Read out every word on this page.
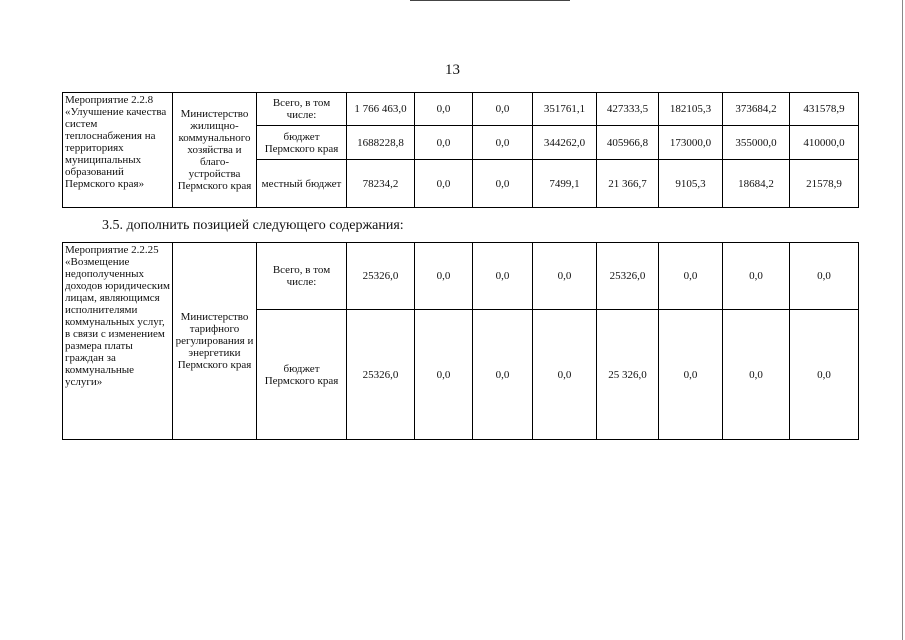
13
Мероприятие 2.2.8
«Улучшение качества систем теплоснабжения на территориях муниципальных образований Пермского края»	Министерство жилищно-коммунального хозяйства и благо-устройства Пермского края	Всего, в том числе:	1 766 463,0	0,0	0,0	351761,1	427333,5	182105,3	373684,2	431578,9
		бюджет Пермского края	1688228,8	0,0	0,0	344262,0	405966,8	173000,0	355000,0	410000,0
		местный бюджет	78234,2	0,0	0,0	7499,1	21 366,7	9105,3	18684,2	21578,9
3.5. дополнить позицией следующего содержания:
Мероприятие 2.2.25
«Возмещение недополученных доходов юридическим лицам, являющимся исполнителями коммунальных услуг, в связи с изменением размера платы граждан за коммунальные услуги»	Министерство тарифного регулирования и энергетики Пермского края	Всего, в том числе:	25326,0	0,0	0,0	0,0	25326,0	0,0	0,0	0,0
		бюджет Пермского края	25326,0	0,0	0,0	0,0	25 326,0	0,0	0,0	0,0
